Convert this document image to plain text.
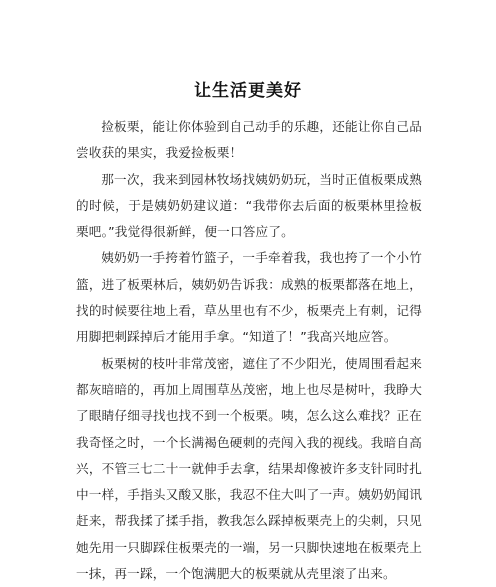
让生活更美好

捡板栗，能让你体验到自己动手的乐趣，还能让你自己品尝收获的果实，我爱捡板栗！

那一次，我来到园林牧场找姨奶奶玩，当时正值板栗成熟的时候，于是姨奶奶建议道：“我带你去后面的板栗林里捡板栗吧。”我觉得很新鲜，便一口答应了。

姨奶奶一手挎着竹篮子，一手牵着我，我也挎了一个小竹篮，进了板栗林后，姨奶奶告诉我：成熟的板栗都落在地上，找的时候要往地上看，草丛里也有不少，板栗壳上有刺，记得用脚把刺踩掉后才能用手拿。“知道了！”我高兴地应答。

板栗树的枝叶非常茂密，遮住了不少阳光，使周围看起来都灰暗暗的，再加上周围草丛茂密，地上也尽是树叶，我睁大了眼睛仔细寻找也找不到一个板栗。咦，怎么这么难找？正在我奇怪之时，一个长满褐色硬刺的壳闯入我的视线。我暗自高兴，不管三七二十一就伸手去拿，结果却像被许多支针同时扎中一样，手指头又酸又胀，我忍不住大叫了一声。姨奶奶闻讯赶来，帮我揉了揉手指，教我怎么踩掉板栗壳上的尖刺，只见她先用一只脚踩住板栗壳的一端，另一只脚快速地在板栗壳上一抹，再一踩，一个饱满肥大的板栗就从壳里滚了出来。
